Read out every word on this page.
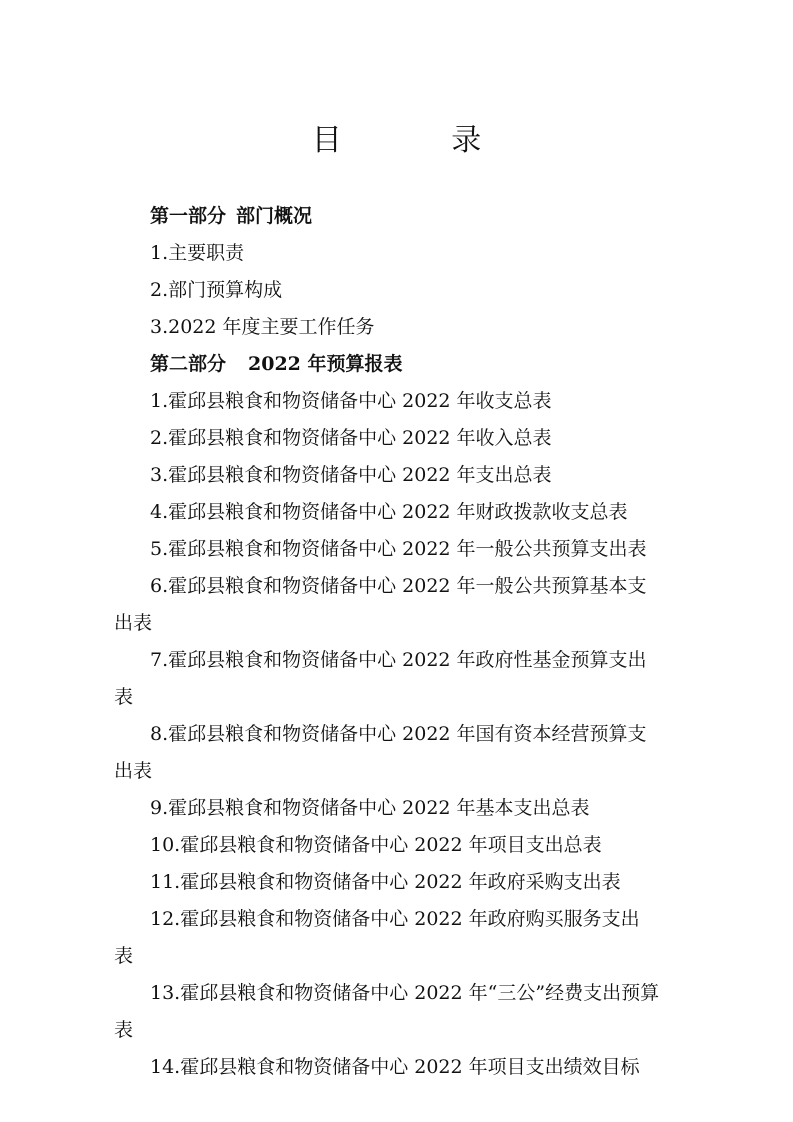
目 录
第一部分 部门概况
1.主要职责
2.部门预算构成
3.2022 年度主要工作任务
第二部分 2022 年预算报表
1.霍邱县粮食和物资储备中心 2022 年收支总表
2.霍邱县粮食和物资储备中心 2022 年收入总表
3.霍邱县粮食和物资储备中心 2022 年支出总表
4.霍邱县粮食和物资储备中心 2022 年财政拨款收支总表
5.霍邱县粮食和物资储备中心 2022 年一般公共预算支出表
6.霍邱县粮食和物资储备中心 2022 年一般公共预算基本支
出表
7.霍邱县粮食和物资储备中心 2022 年政府性基金预算支出
表
8.霍邱县粮食和物资储备中心 2022 年国有资本经营预算支
出表
9.霍邱县粮食和物资储备中心 2022 年基本支出总表
10.霍邱县粮食和物资储备中心 2022 年项目支出总表
11.霍邱县粮食和物资储备中心 2022 年政府采购支出表
12.霍邱县粮食和物资储备中心 2022 年政府购买服务支出
表
13.霍邱县粮食和物资储备中心 2022 年“三公”经费支出预算
表
14.霍邱县粮食和物资储备中心 2022 年项目支出绩效目标
